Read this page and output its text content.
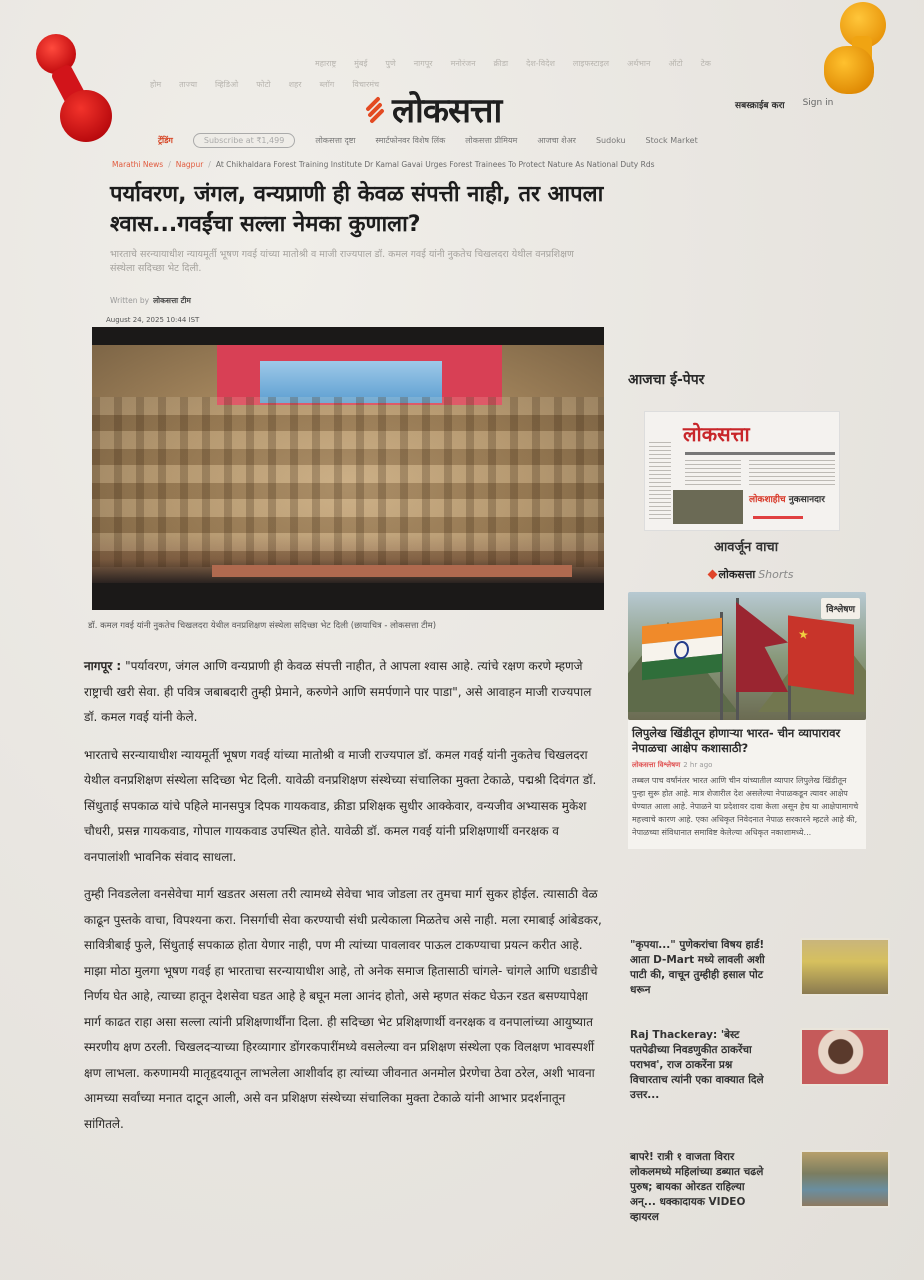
महाराष्ट्र मुंबई पुणे नागपूर मनोरंजन क्रीडा देश-विदेश लाइफस्टाइल अर्थभान ऑटो टेक
होम ताज्या व्हिडिओ फोटो शहर ब्लॉग विचारमंच
लोकसत्ता	सबस्क्राईब करा Sign in
ट्रेंडिंग	Subscribe at ₹1,499	लोकसत्ता दृष्टा	स्मार्टफोनवर विशेष लिंक	लोकसत्ता प्रीमियम	आजचा शेअर	Sudoku	Stock Market
Marathi News / Nagpur / At Chikhaldara Forest Training Institute Dr Kamal Gavai Urges Forest Trainees To Protect Nature As National Duty Rds
पर्यावरण, जंगल, वन्यप्राणी ही केवळ संपत्ती नाही, तर आपला श्वास...गवईंचा सल्ला नेमका कुणाला?

भारताचे सरन्यायाधीश न्यायमूर्ती भूषण गवई यांच्या मातोश्री व माजी राज्यपाल डॉ. कमल गवई यांनी नुकतेच चिखलदरा येथील वनप्रशिक्षण संस्थेला सदिच्छा भेट दिली.

Written by लोकसत्ता टीम
August 24, 2025 10:44 IST
डॉ. कमल गवई यांनी नुकतेच चिखलदरा येथील वनप्रशिक्षण संस्थेला सदिच्छा भेट दिली (छायाचित्र - लोकसत्ता टीम)

नागपूर : "पर्यावरण, जंगल आणि वन्यप्राणी ही केवळ संपत्ती नाहीत, ते आपला श्वास आहे. त्यांचे रक्षण करणे म्हणजे राष्ट्राची खरी सेवा. ही पवित्र जबाबदारी तुम्ही प्रेमाने, करुणेने आणि समर्पणाने पार पाडा", असे आवाहन माजी राज्यपाल डॉ. कमल गवई यांनी केले.

भारताचे सरन्यायाधीश न्यायमूर्ती भूषण गवई यांच्या मातोश्री व माजी राज्यपाल डॉ. कमल गवई यांनी नुकतेच चिखलदरा येथील वनप्रशिक्षण संस्थेला सदिच्छा भेट दिली. यावेळी वनप्रशिक्षण संस्थेच्या संचालिका मुक्ता टेकाळे, पद्मश्री दिवंगत डॉ. सिंधुताई सपकाळ यांचे पहिले मानसपुत्र दिपक गायकवाड, क्रीडा प्रशिक्षक सुधीर आक्केवार, वन्यजीव अभ्यासक मुकेश चौधरी, प्रसन्न गायकवाड, गोपाल गायकवाड उपस्थित होते. यावेळी डॉ. कमल गवई यांनी प्रशिक्षणार्थी वनरक्षक व वनपालांशी भावनिक संवाद साधला.

तुम्ही निवडलेला वनसेवेचा मार्ग खडतर असला तरी त्यामध्ये सेवेचा भाव जोडला तर तुमचा मार्ग सुकर होईल. त्यासाठी वेळ काढून पुस्तके वाचा, विपश्यना करा. निसर्गाची सेवा करण्याची संधी प्रत्येकाला मिळतेच असे नाही. मला रमाबाई आंबेडकर, सावित्रीबाई फुले, सिंधुताई सपकाळ होता येणार नाही, पण मी त्यांच्या पावलावर पाऊल टाकण्याचा प्रयत्न करीत आहे. माझा मोठा मुलगा भूषण गवई हा भारताचा सरन्यायाधीश आहे, तो अनेक समाज हितासाठी चांगले- चांगले आणि धडाडीचे निर्णय घेत आहे, त्याच्या हातून देशसेवा घडत आहे हे बघून मला आनंद होतो, असे म्हणत संकट घेऊन रडत बसण्यापेक्षा मार्ग काढत राहा असा सल्ला त्यांनी प्रशिक्षणार्थींना दिला. ही सदिच्छा भेट प्रशिक्षणार्थी वनरक्षक व वनपालांच्या आयुष्यात स्मरणीय क्षण ठरली. चिखलदऱ्याच्या हिरव्यागार डोंगरकपारींमध्ये वसलेल्या वन प्रशिक्षण संस्थेला एक विलक्षण भावस्पर्शी क्षण लाभला. करुणामयी मातृहृदयातून लाभलेला आशीर्वाद हा त्यांच्या जीवनात अनमोल प्रेरणेचा ठेवा ठरेल, अशी भावना आमच्या सर्वांच्या मनात दाटून आली, असे वन प्रशिक्षण संस्थेच्या संचालिका मुक्ता टेकाळे यांनी आभार प्रदर्शनातून सांगितले.

आजचा ई-पेपर
लोकसत्ता
लोकशाहीच नुकसानदार
आवर्जून वाचा
लोकसत्ता Shorts
★
विश्लेषण
लिपुलेख खिंडीतून होणाऱ्या भारत- चीन व्यापारावर नेपाळचा आक्षेप कशासाठी?
लोकसत्ता विश्लेषण 2 hr ago
तब्बल पाच वर्षांनंतर भारत आणि चीन यांच्यातील व्यापार लिपुलेख खिंडीतून पुन्हा सुरू होत आहे. मात्र शेजारील देश असलेल्या नेपाळकडून त्यावर आक्षेप घेण्यात आला आहे. नेपाळने या प्रदेशावर दावा केला असून हेच या आक्षेपामागचे महत्त्वाचे कारण आहे. एका अधिकृत निवेदनात नेपाळ सरकारने म्हटले आहे की, नेपाळच्या संविधानात समाविष्ट केलेल्या अधिकृत नकाशामध्ये...
"कृपया..." पुणेकरांचा विषय हार्ड! आता D-Mart मध्ये लावली अशी पाटी की, वाचून तुम्हीही हसाल पोट धरून
Raj Thackeray: 'बेस्ट पतपेढीच्या निवडणुकीत ठाकरेंचा पराभव', राज ठाकरेंना प्रश्न विचारताच त्यांनी एका वाक्यात दिले उत्तर...
बापरे! रात्री १ वाजता विरार लोकलमध्ये महिलांच्या डब्यात चढले पुरुष; बायका ओरडत राहिल्या अन्... धक्कादायक VIDEO व्हायरल
